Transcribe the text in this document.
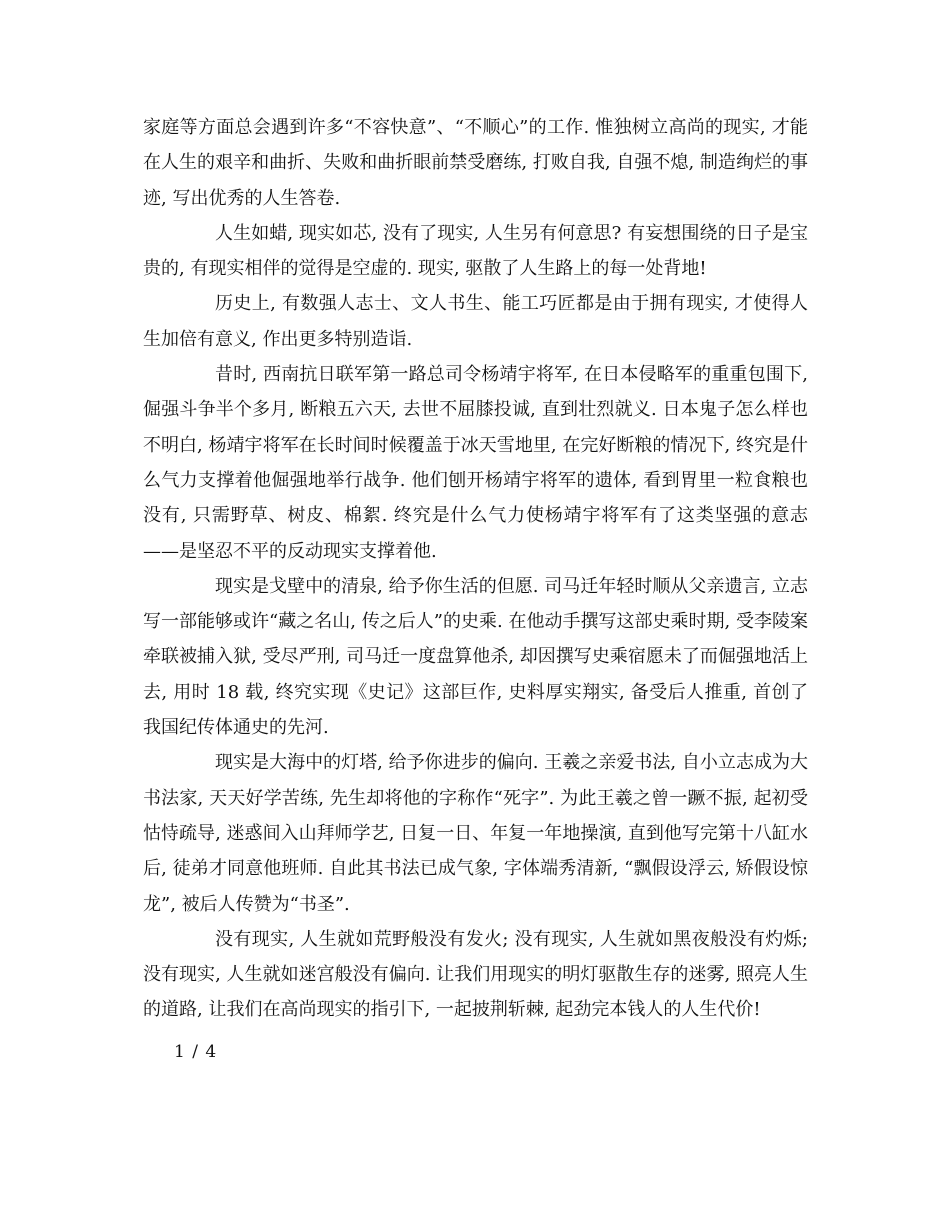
家庭等方面总会遇到许多“不容快意”、“不顺心”的工作. 惟独树立高尚的现实, 才能在人生的艰辛和曲折、失败和曲折眼前禁受磨练, 打败自我, 自强不熄, 制造绚烂的事迹, 写出优秀的人生答卷.

人生如蜡, 现实如芯, 没有了现实, 人生另有何意思? 有妄想围绕的日子是宝贵的, 有现实相伴的觉得是空虚的. 现实, 驱散了人生路上的每一处背地!

历史上, 有数强人志士、文人书生、能工巧匠都是由于拥有现实, 才使得人生加倍有意义, 作出更多特别造诣.

昔时, 西南抗日联军第一路总司令杨靖宇将军, 在日本侵略军的重重包围下, 倔强斗争半个多月, 断粮五六天, 去世不屈膝投诚, 直到壮烈就义. 日本鬼子怎么样也不明白, 杨靖宇将军在长时间时候覆盖于冰天雪地里, 在完好断粮的情况下, 终究是什么气力支撑着他倔强地举行战争. 他们刨开杨靖宇将军的遗体, 看到胃里一粒食粮也没有, 只需野草、树皮、棉絮. 终究是什么气力使杨靖宇将军有了这类坚强的意志——是坚忍不平的反动现实支撑着他.

现实是戈壁中的清泉, 给予你生活的但愿. 司马迁年轻时顺从父亲遗言, 立志写一部能够或许“藏之名山, 传之后人”的史乘. 在他动手撰写这部史乘时期, 受李陵案牵联被捕入狱, 受尽严刑, 司马迁一度盘算他杀, 却因撰写史乘宿愿未了而倔强地活上去, 用时 18 载, 终究实现《史记》这部巨作, 史料厚实翔实, 备受后人推重, 首创了我国纪传体通史的先河.

现实是大海中的灯塔, 给予你进步的偏向. 王羲之亲爱书法, 自小立志成为大书法家, 天天好学苦练, 先生却将他的字称作“死字”. 为此王羲之曾一蹶不振, 起初受怙恃疏导, 迷惑间入山拜师学艺, 日复一日、年复一年地操演, 直到他写完第十八缸水后, 徒弟才同意他班师. 自此其书法已成气象, 字体端秀清新, “飘假设浮云, 矫假设惊龙”, 被后人传赞为“书圣”.

没有现实, 人生就如荒野般没有发火; 没有现实, 人生就如黑夜般没有灼烁; 没有现实, 人生就如迷宫般没有偏向. 让我们用现实的明灯驱散生存的迷雾, 照亮人生的道路, 让我们在高尚现实的指引下, 一起披荆斩棘, 起劲完本钱人的人生代价!

1 / 4
